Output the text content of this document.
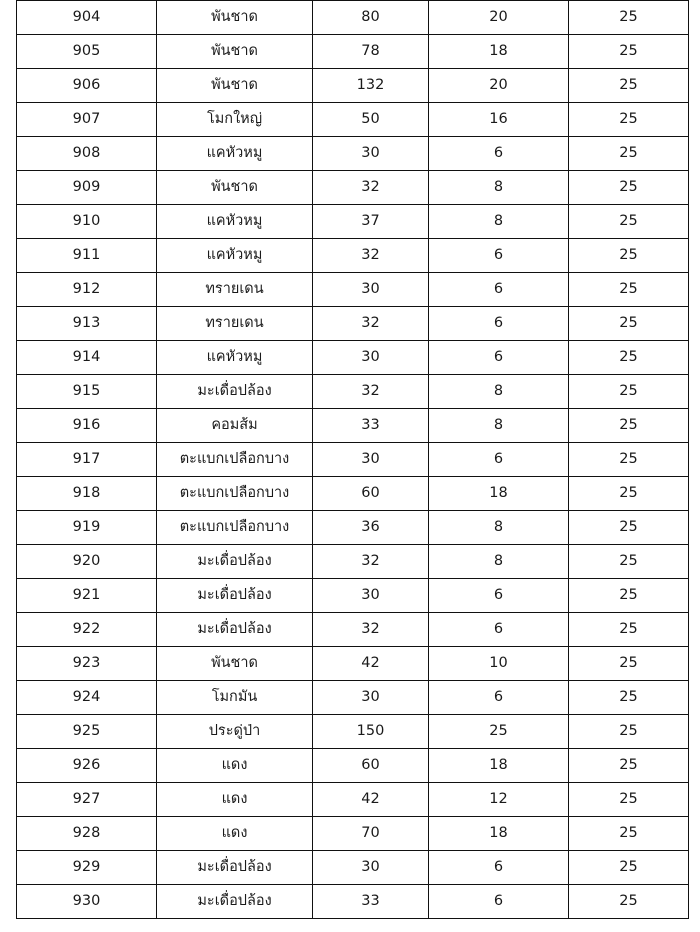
904	พันชาด	80	20	25
905	พันชาด	78	18	25
906	พันชาด	132	20	25
907	โมกใหญ่	50	16	25
908	แคหัวหมู	30	6	25
909	พันชาด	32	8	25
910	แคหัวหมู	37	8	25
911	แคหัวหมู	32	6	25
912	ทรายเดน	30	6	25
913	ทรายเดน	32	6	25
914	แคหัวหมู	30	6	25
915	มะเดื่อปล้อง	32	8	25
916	คอมส้ม	33	8	25
917	ตะแบกเปลือกบาง	30	6	25
918	ตะแบกเปลือกบาง	60	18	25
919	ตะแบกเปลือกบาง	36	8	25
920	มะเดื่อปล้อง	32	8	25
921	มะเดื่อปล้อง	30	6	25
922	มะเดื่อปล้อง	32	6	25
923	พันชาด	42	10	25
924	โมกมัน	30	6	25
925	ประดู่ป่า	150	25	25
926	แดง	60	18	25
927	แดง	42	12	25
928	แดง	70	18	25
929	มะเดื่อปล้อง	30	6	25
930	มะเดื่อปล้อง	33	6	25
